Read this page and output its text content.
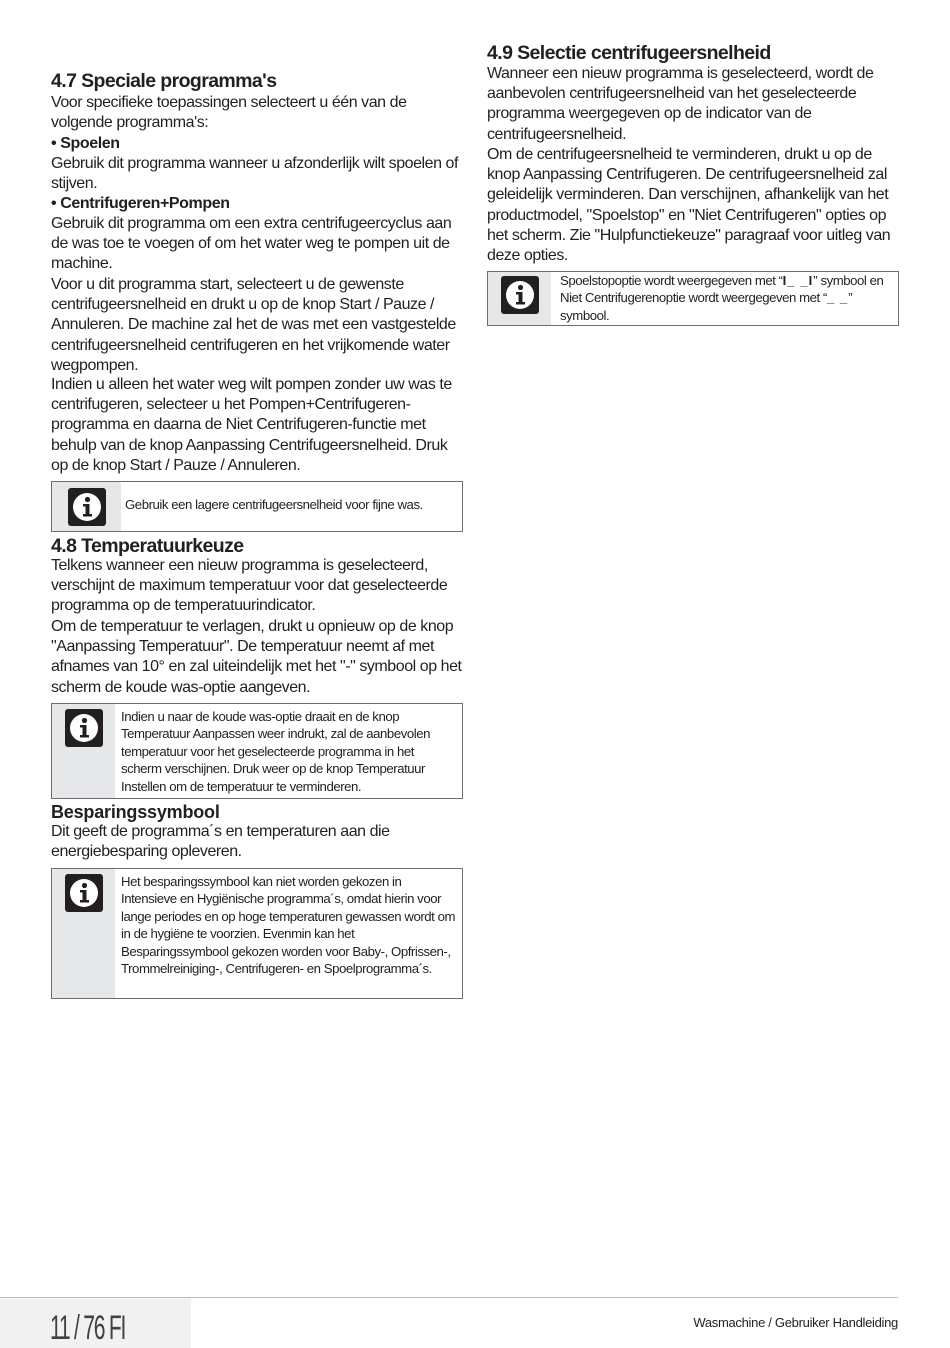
4.7 Speciale programma's
Voor specifieke toepassingen selecteert u één van de volgende programma's:
• Spoelen
Gebruik dit programma wanneer u afzonderlijk wilt spoelen of stijven.
• Centrifugeren+Pompen
Gebruik dit programma om een extra centrifugeercyclus aan de was toe te voegen of om het water weg te pompen uit de machine.
Voor u dit programma start, selecteert u de gewenste centrifugeersnelheid en drukt u op de knop Start / Pauze / Annuleren. De machine zal het de was met een vastgestelde centrifugeersnelheid centrifugeren en het vrijkomende water wegpompen.
Indien u alleen het water weg wilt pompen zonder uw was te centrifugeren, selecteer u het Pompen+Centrifugeren-programma en daarna de Niet Centrifugeren-functie met behulp van de knop Aanpassing Centrifugeersnelheid. Druk op de knop Start / Pauze / Annuleren.
Gebruik een lagere centrifugeersnelheid voor fijne was.
4.8 Temperatuurkeuze
Telkens wanneer een nieuw programma is geselecteerd, verschijnt de maximum temperatuur voor dat geselecteerde programma op de temperatuurindicator.
Om de temperatuur te verlagen, drukt u opnieuw op de knop "Aanpassing Temperatuur". De temperatuur neemt af met afnames van 10° en zal uiteindelijk met het "-" symbool op het scherm de koude was-optie aangeven.
Indien u naar de koude was-optie draait en de knop Temperatuur Aanpassen weer indrukt, zal de aanbevolen temperatuur voor het geselecteerde programma in het scherm verschijnen. Druk weer op de knop Temperatuur Instellen om de temperatuur te verminderen.
Besparingssymbool
Dit geeft de programma´s en temperaturen aan die energiebesparing opleveren.
Het besparingssymbool kan niet worden gekozen in Intensieve en Hygiënische programma´s, omdat hierin voor lange periodes en op hoge temperaturen gewassen wordt om in de hygiëne te voorzien. Evenmin kan het Besparingssymbool gekozen worden voor Baby-, Opfrissen-, Trommelreiniging-, Centrifugeren- en Spoelprogramma´s.
4.9 Selectie centrifugeersnelheid
Wanneer een nieuw programma is geselecteerd, wordt de aanbevolen centrifugeersnelheid van het geselecteerde programma weergegeven op de indicator van de centrifugeersnelheid.
Om de centrifugeersnelheid te verminderen, drukt u op de knop Aanpassing Centrifugeren. De centrifugeersnelheid zal geleidelijk verminderen. Dan verschijnen, afhankelijk van het productmodel, "Spoelstop" en "Niet Centrifugeren" opties op het scherm. Zie "Hulpfunctiekeuze" paragraaf voor uitleg van deze opties.
Spoelstopoptie wordt weergegeven met “I_ _I” symbool en Niet Centrifugerenoptie wordt weergegeven met “_ _” symbool.
11 / 76 FI	Wasmachine / Gebruiker Handleiding
